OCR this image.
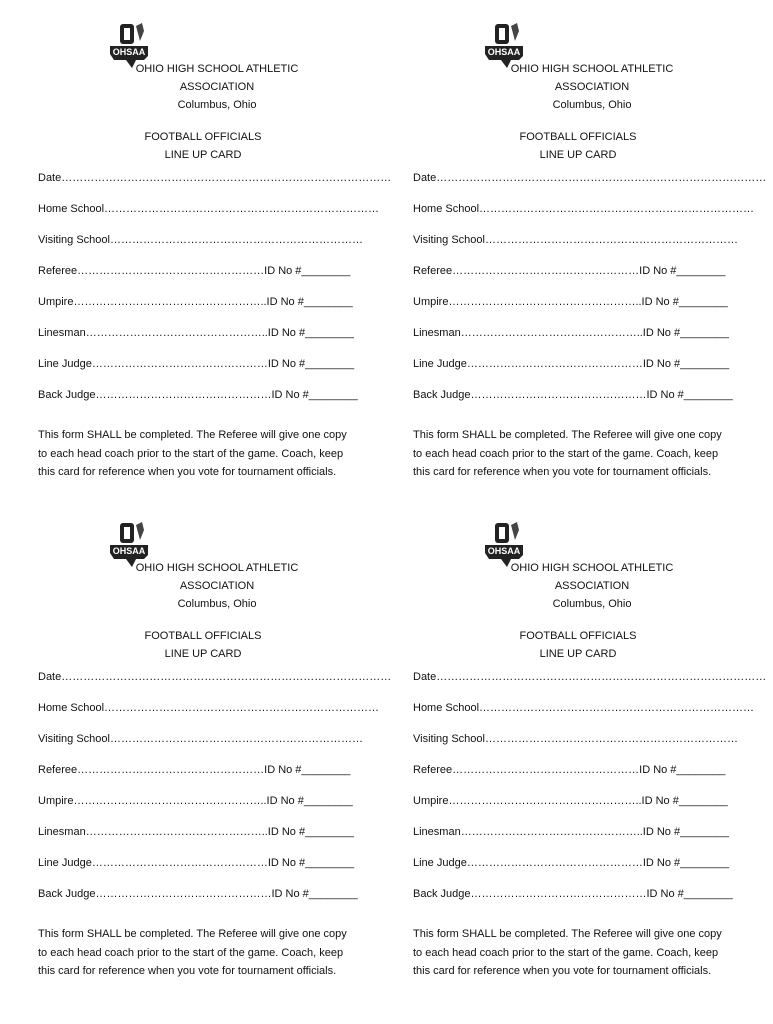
OHSAA
OHIO HIGH SCHOOL ATHLETIC
ASSOCIATION
Columbus, Ohio
FOOTBALL OFFICIALS
LINE UP CARD
Date………………………………………………………………………………
Home School…………………………………………………………………
Visiting School……………………………………………………………
Referee……………………………………………ID No #________
Umpire……………………………………………..ID No #________
Linesman…………………………………………..ID No #________
Line Judge…………………………………………ID No #________
Back Judge…………………………………………ID No #________
This form SHALL be completed. The Referee will give one copy
to each head coach prior to the start of the game. Coach, keep
this card for reference when you vote for tournament officials.
OHSAA
OHIO HIGH SCHOOL ATHLETIC
ASSOCIATION
Columbus, Ohio
FOOTBALL OFFICIALS
LINE UP CARD
Date………………………………………………………………………………
Home School…………………………………………………………………
Visiting School……………………………………………………………
Referee……………………………………………ID No #________
Umpire……………………………………………..ID No #________
Linesman…………………………………………..ID No #________
Line Judge…………………………………………ID No #________
Back Judge…………………………………………ID No #________
This form SHALL be completed. The Referee will give one copy
to each head coach prior to the start of the game. Coach, keep
this card for reference when you vote for tournament officials.
OHSAA
OHIO HIGH SCHOOL ATHLETIC
ASSOCIATION
Columbus, Ohio
FOOTBALL OFFICIALS
LINE UP CARD
Date………………………………………………………………………………
Home School…………………………………………………………………
Visiting School……………………………………………………………
Referee……………………………………………ID No #________
Umpire……………………………………………..ID No #________
Linesman…………………………………………..ID No #________
Line Judge…………………………………………ID No #________
Back Judge…………………………………………ID No #________
This form SHALL be completed. The Referee will give one copy
to each head coach prior to the start of the game. Coach, keep
this card for reference when you vote for tournament officials.
OHSAA
OHIO HIGH SCHOOL ATHLETIC
ASSOCIATION
Columbus, Ohio
FOOTBALL OFFICIALS
LINE UP CARD
Date………………………………………………………………………………
Home School…………………………………………………………………
Visiting School……………………………………………………………
Referee……………………………………………ID No #________
Umpire……………………………………………..ID No #________
Linesman…………………………………………..ID No #________
Line Judge…………………………………………ID No #________
Back Judge…………………………………………ID No #________
This form SHALL be completed. The Referee will give one copy
to each head coach prior to the start of the game. Coach, keep
this card for reference when you vote for tournament officials.
